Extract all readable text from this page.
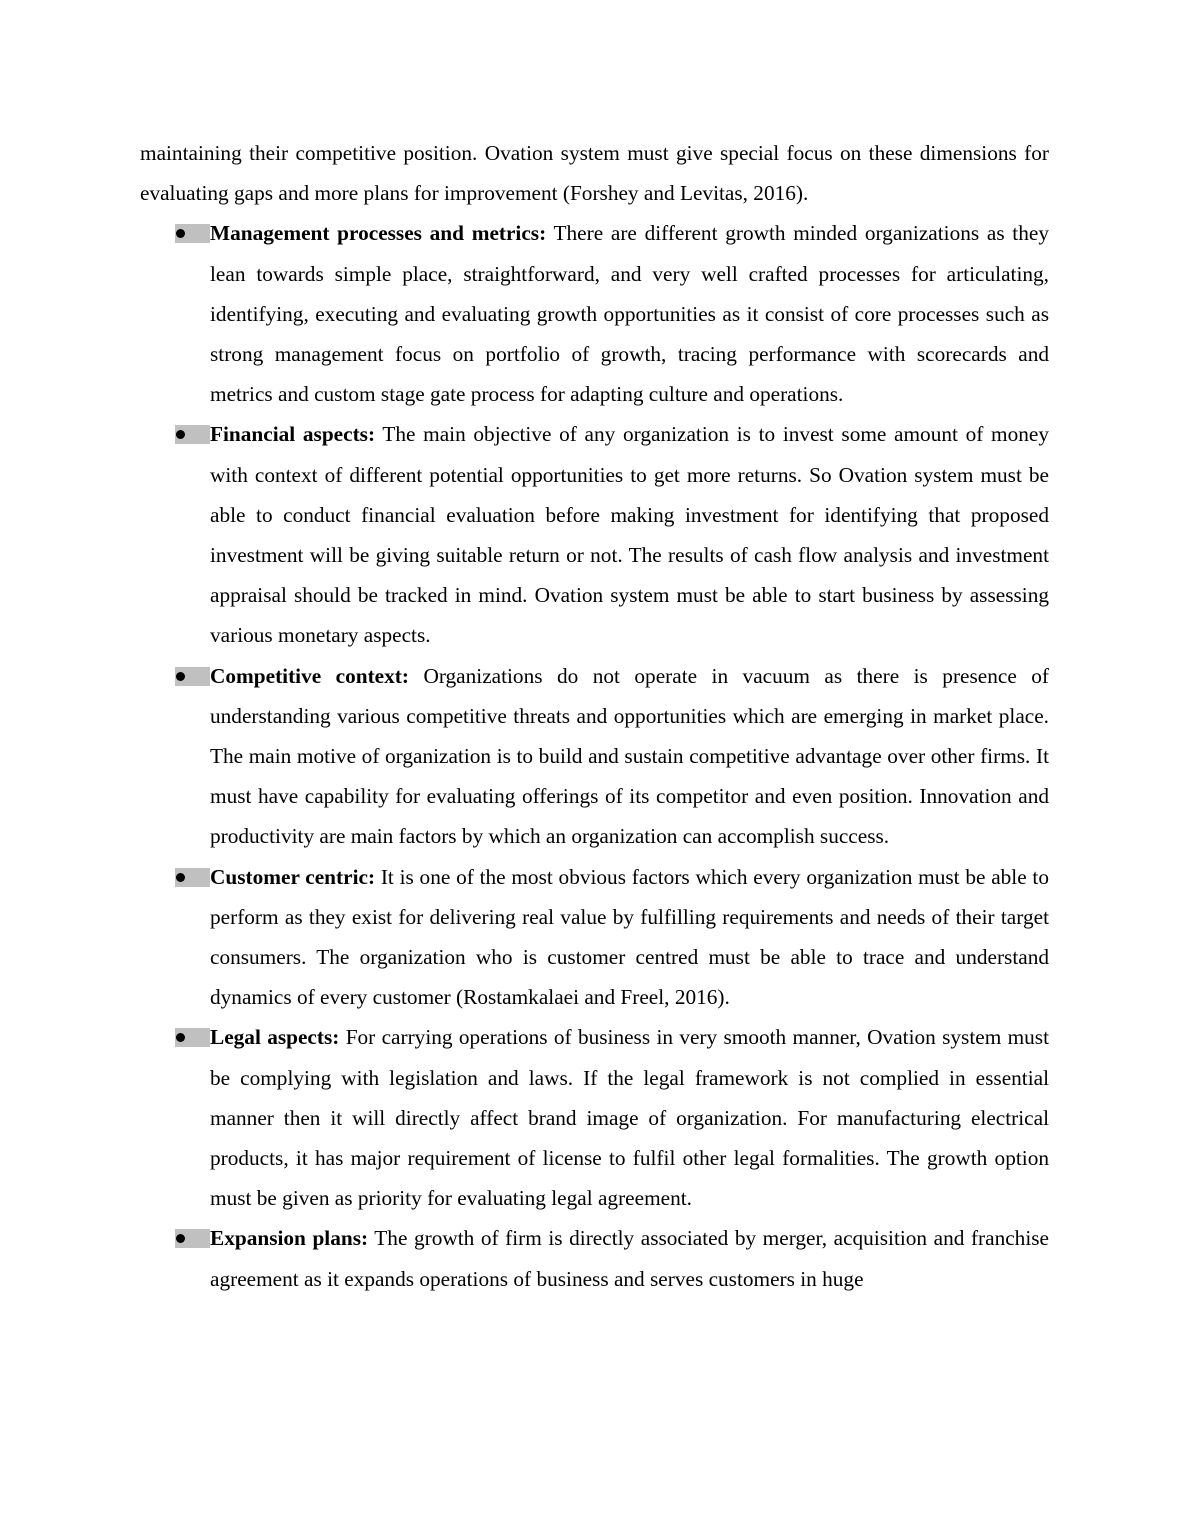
maintaining their competitive position. Ovation system must give special focus on these dimensions for evaluating gaps and more plans for improvement (Forshey and Levitas, 2016).

Management processes and metrics: There are different growth minded organizations as they lean towards simple place, straightforward, and very well crafted processes for articulating, identifying, executing and evaluating growth opportunities as it consist of core processes such as strong management focus on portfolio of growth, tracing performance with scorecards and metrics and custom stage gate process for adapting culture and operations.
Financial aspects: The main objective of any organization is to invest some amount of money with context of different potential opportunities to get more returns. So Ovation system must be able to conduct financial evaluation before making investment for identifying that proposed investment will be giving suitable return or not. The results of cash flow analysis and investment appraisal should be tracked in mind. Ovation system must be able to start business by assessing various monetary aspects.
Competitive context: Organizations do not operate in vacuum as there is presence of understanding various competitive threats and opportunities which are emerging in market place. The main motive of organization is to build and sustain competitive advantage over other firms. It must have capability for evaluating offerings of its competitor and even position. Innovation and productivity are main factors by which an organization can accomplish success.
Customer centric: It is one of the most obvious factors which every organization must be able to perform as they exist for delivering real value by fulfilling requirements and needs of their target consumers. The organization who is customer centred must be able to trace and understand dynamics of every customer (Rostamkalaei and Freel, 2016).
Legal aspects: For carrying operations of business in very smooth manner, Ovation system must be complying with legislation and laws. If the legal framework is not complied in essential manner then it will directly affect brand image of organization. For manufacturing electrical products, it has major requirement of license to fulfil other legal formalities. The growth option must be given as priority for evaluating legal agreement.
Expansion plans: The growth of firm is directly associated by merger, acquisition and franchise agreement as it expands operations of business and serves customers in huge
